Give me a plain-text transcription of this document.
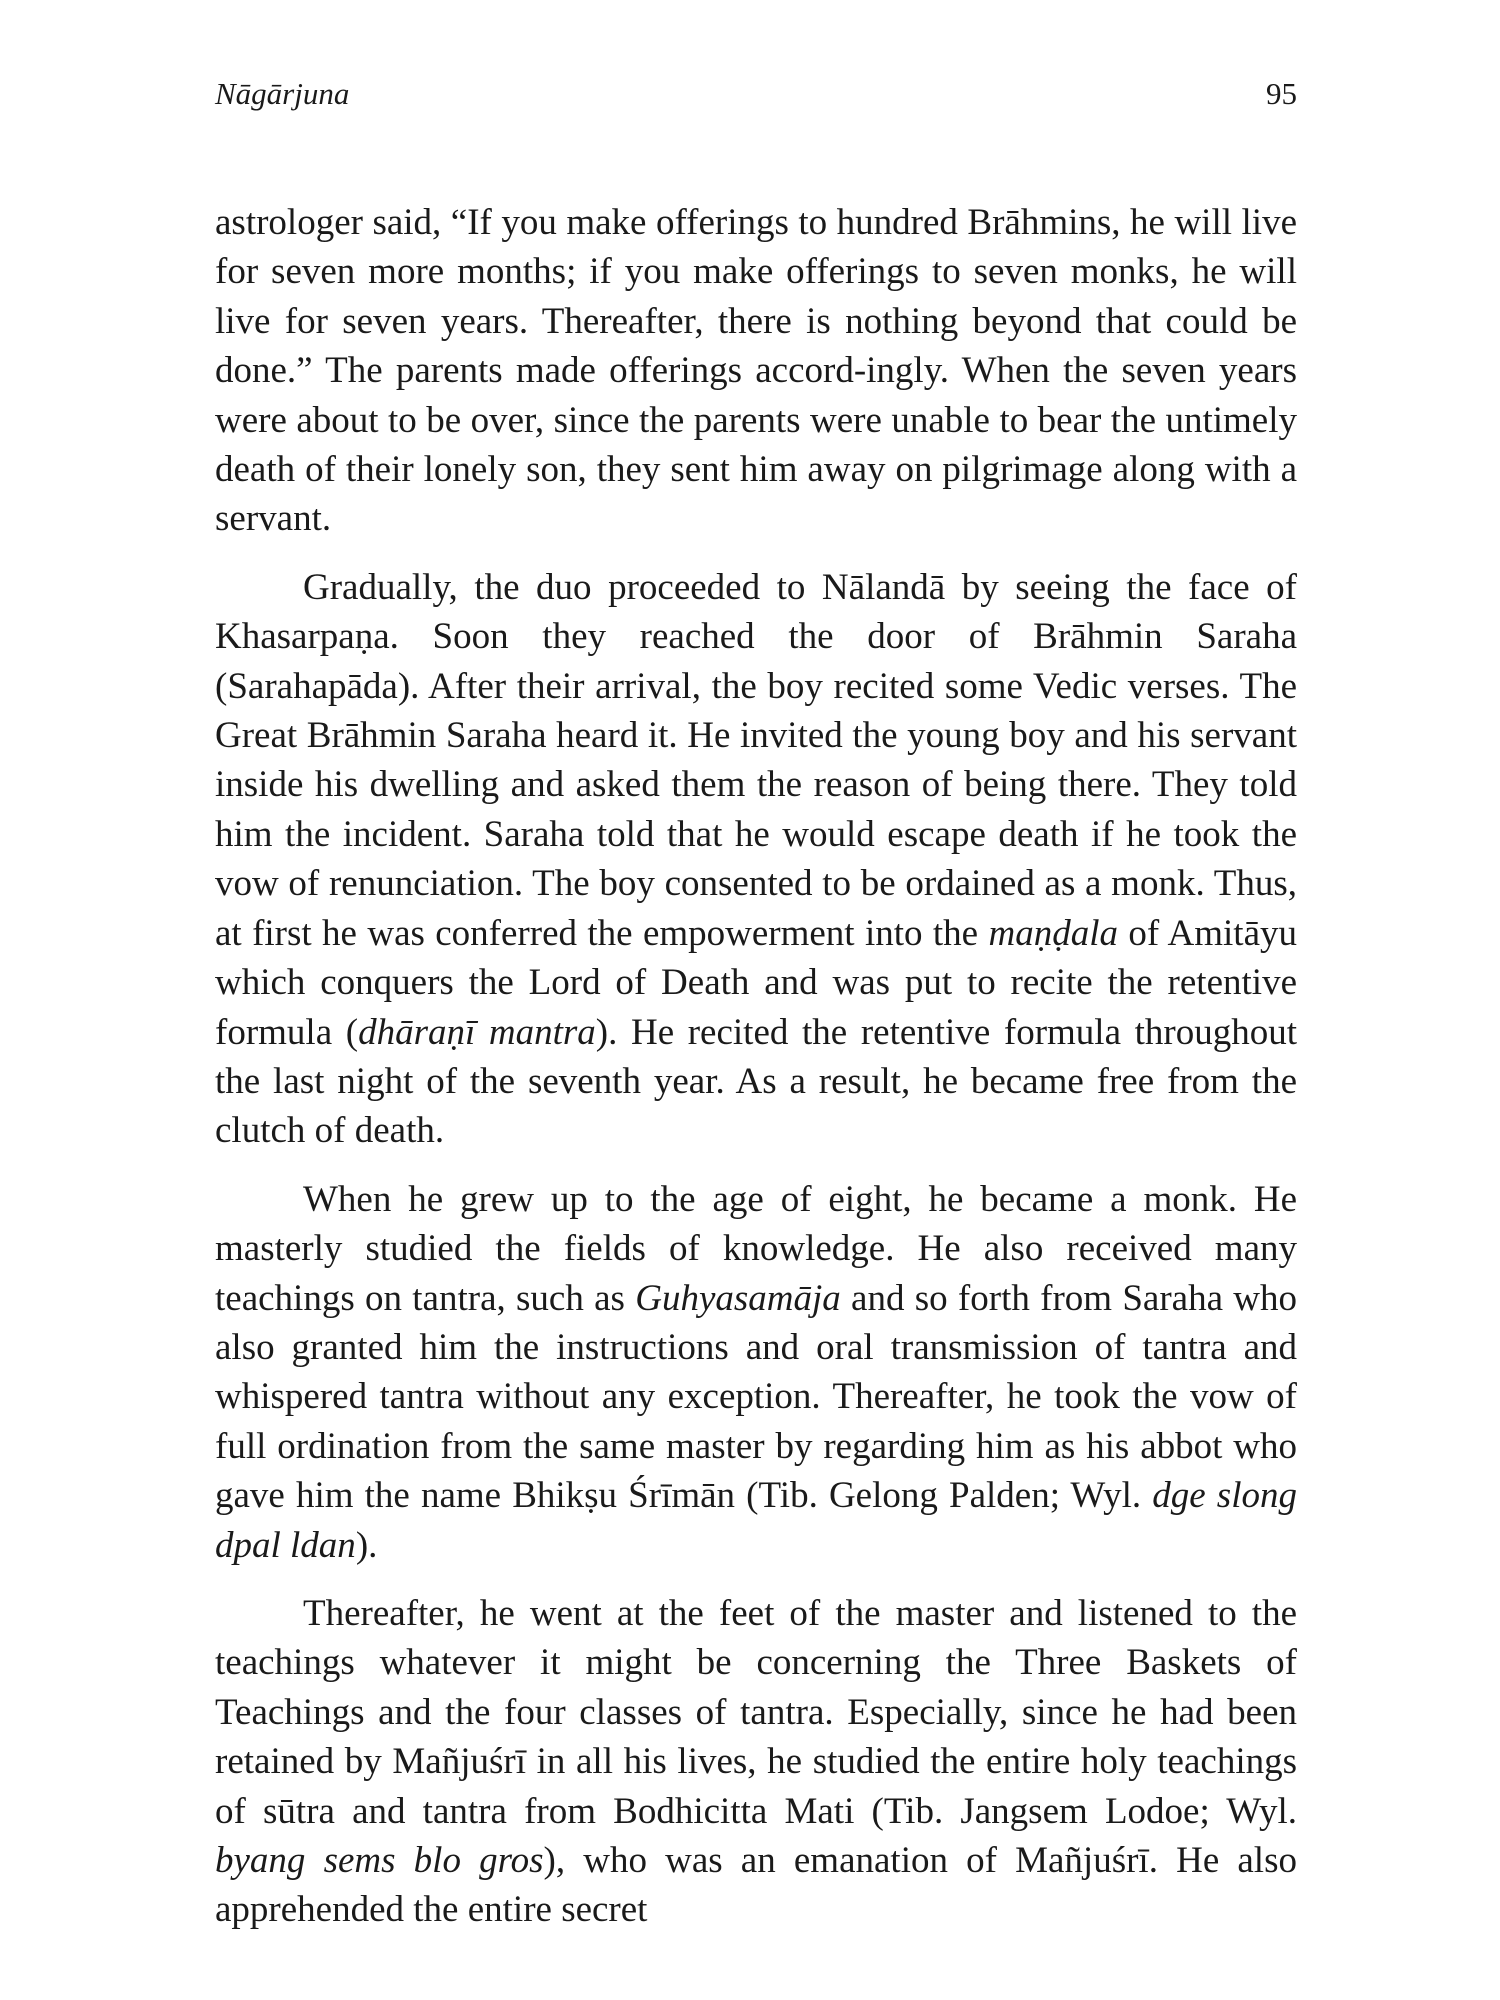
Nāgārjuna	95

astrologer said, “If you make offerings to hundred Brāhmins, he will live for seven more months; if you make offerings to seven monks, he will live for seven years. Thereafter, there is nothing beyond that could be done.” The parents made offerings accord-ingly. When the seven years were about to be over, since the parents were unable to bear the untimely death of their lonely son, they sent him away on pilgrimage along with a servant.

Gradually, the duo proceeded to Nālandā by seeing the face of Khasarpaṇa. Soon they reached the door of Brāhmin Saraha (Sarahapāda). After their arrival, the boy recited some Vedic verses. The Great Brāhmin Saraha heard it. He invited the young boy and his servant inside his dwelling and asked them the reason of being there. They told him the incident. Saraha told that he would escape death if he took the vow of renunciation. The boy consented to be ordained as a monk. Thus, at first he was conferred the empowerment into the maṇḍala of Amitāyu which conquers the Lord of Death and was put to recite the retentive formula (dhāraṇī mantra). He recited the retentive formula throughout the last night of the seventh year. As a result, he became free from the clutch of death.

When he grew up to the age of eight, he became a monk. He masterly studied the fields of knowledge. He also received many teachings on tantra, such as Guhyasamāja and so forth from Saraha who also granted him the instructions and oral transmission of tantra and whispered tantra without any exception. Thereafter, he took the vow of full ordination from the same master by regarding him as his abbot who gave him the name Bhikṣu Śrīmān (Tib. Gelong Palden; Wyl. dge slong dpal ldan).

Thereafter, he went at the feet of the master and listened to the teachings whatever it might be concerning the Three Baskets of Teachings and the four classes of tantra. Especially, since he had been retained by Mañjuśrī in all his lives, he studied the entire holy teachings of sūtra and tantra from Bodhicitta Mati (Tib. Jangsem Lodoe; Wyl. byang sems blo gros), who was an emanation of Mañjuśrī. He also apprehended the entire secret
